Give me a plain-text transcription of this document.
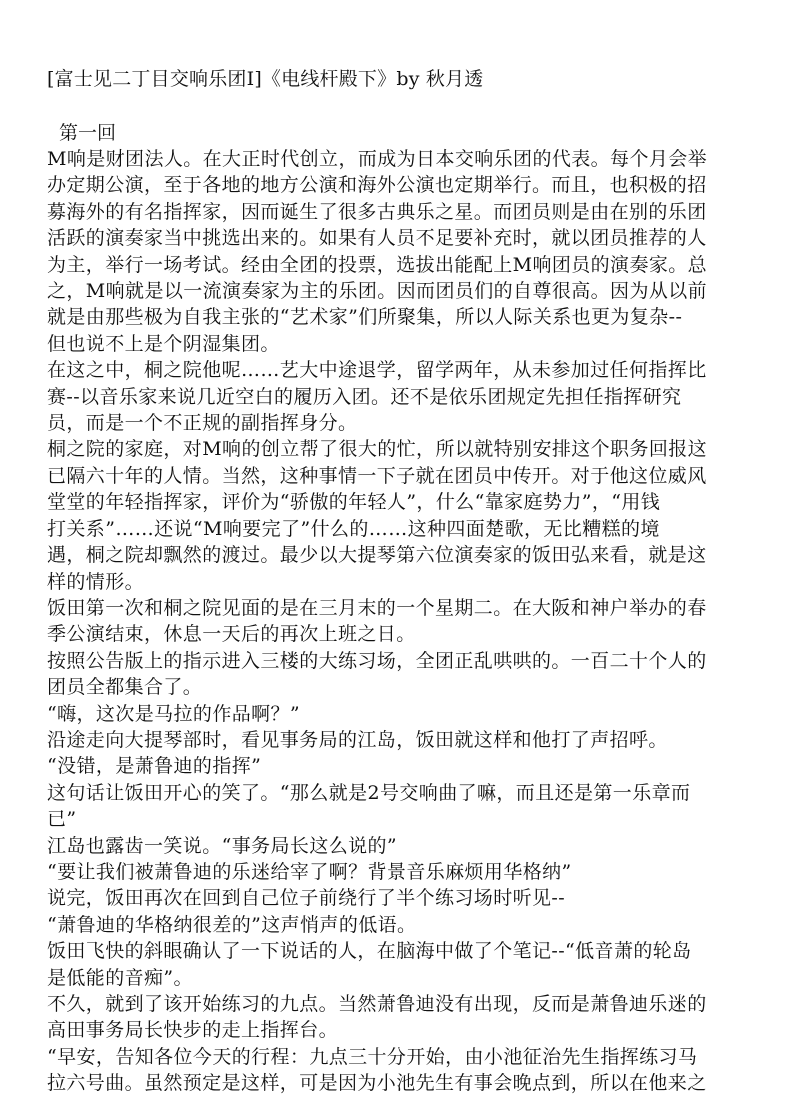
[富士见二丁目交响乐团Ⅰ]《电线杆殿下》by 秋月透
第一回
M响是财团法人。在大正时代创立，而成为日本交响乐团的代表。每个月会举
办定期公演，至于各地的地方公演和海外公演也定期举行。而且，也积极的招
募海外的有名指挥家，因而诞生了很多古典乐之星。而团员则是由在别的乐团
活跃的演奏家当中挑选出来的。如果有人员不足要补充时，就以团员推荐的人
为主，举行一场考试。经由全团的投票，选拔出能配上M响团员的演奏家。总
之，M响就是以一流演奏家为主的乐团。因而团员们的自尊很高。因为从以前
就是由那些极为自我主张的“艺术家”们所聚集，所以人际关系也更为复杂--
但也说不上是个阴湿集团。
在这之中，桐之院他呢……艺大中途退学，留学两年，从未参加过任何指挥比
赛--以音乐家来说几近空白的履历入团。还不是依乐团规定先担任指挥研究
员，而是一个不正规的副指挥身分。
桐之院的家庭，对M响的创立帮了很大的忙，所以就特别安排这个职务回报这
已隔六十年的人情。当然，这种事情一下子就在团员中传开。对于他这位威风
堂堂的年轻指挥家，评价为“骄傲的年轻人”，什么“靠家庭势力”，“用钱
打关系”……还说“M响要完了”什么的……这种四面楚歌，无比糟糕的境
遇，桐之院却飘然的渡过。最少以大提琴第六位演奏家的饭田弘来看，就是这
样的情形。
饭田第一次和桐之院见面的是在三月末的一个星期二。在大阪和神户举办的春
季公演结束，休息一天后的再次上班之日。
按照公告版上的指示进入三楼的大练习场，全团正乱哄哄的。一百二十个人的
团员全都集合了。
“嗨，这次是马拉的作品啊？”
沿途走向大提琴部时，看见事务局的江岛，饭田就这样和他打了声招呼。
“没错，是萧鲁迪的指挥”
这句话让饭田开心的笑了。“那么就是2号交响曲了嘛，而且还是第一乐章而
已”
江岛也露齿一笑说。“事务局长这么说的”
“要让我们被萧鲁迪的乐迷给宰了啊？背景音乐麻烦用华格纳”
说完，饭田再次在回到自己位子前绕行了半个练习场时听见--
“萧鲁迪的华格纳很差的”这声悄声的低语。
饭田飞快的斜眼确认了一下说话的人，在脑海中做了个笔记--“低音萧的轮岛
是低能的音痴”。
不久，就到了该开始练习的九点。当然萧鲁迪没有出现，反而是萧鲁迪乐迷的
高田事务局长快步的走上指挥台。
“早安，告知各位今天的行程：九点三十分开始，由小池征治先生指挥练习马
拉六号曲。虽然预定是这样，可是因为小池先生有事会晚点到，所以在他来之
